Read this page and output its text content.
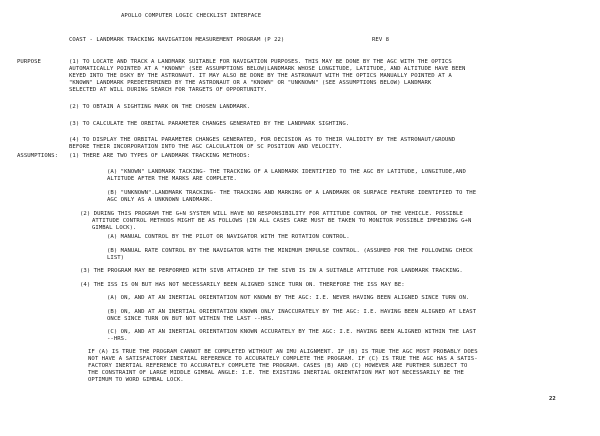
APOLLO COMPUTER LOGIC CHECKLIST INTERFACE
COAST - LANDMARK TRACKING NAVIGATION MEASUREMENT PROGRAM (P 22)	REV 8
PURPOSE	(1) TO LOCATE AND TRACK A LANDMARK SUITABLE FOR NAVIGATION PURPOSES. THIS MAY BE DONE BY THE AGC WITH THE OPTICS
AUTOMATICALLY POINTED AT A "KNOWN" (SEE ASSUMPTIONS BELOW)LANDMARK WHOSE LONGITUDE, LATITUDE, AND ALTITUDE HAVE BEEN
KEYED INTO THE DSKY BY THE ASTRONAUT. IT MAY ALSO BE DONE BY THE ASTRONAUT WITH THE OPTICS MANUALLY POINTED AT A
"KNOWN" LANDMARK PREDETERMINED BY THE ASTRONAUT OR A "KNOWN" OR "UNKNOWN" (SEE ASSUMPTIONS BELOW) LANDMARK
SELECTED AT WILL DURING SEARCH FOR TARGETS OF OPPORTUNITY.
(2) TO OBTAIN A SIGHTING MARK ON THE CHOSEN LANDMARK.
(3) TO CALCULATE THE ORBITAL PARAMETER CHANGES GENERATED BY THE LANDMARK SIGHTING.
(4) TO DISPLAY THE ORBITAL PARAMETER CHANGES GENERATED, FOR DECISION AS TO THEIR VALIDITY BY THE ASTRONAUT/GROUND
BEFORE THEIR INCORPORATION INTO THE AGC CALCULATION OF SC POSITION AND VELOCITY.
ASSUMPTIONS: (1) THERE ARE TWO TYPES OF LANDMARK TRACKING METHODS:
(A) "KNOWN" LANDMARK TACKING- THE TRACKING OF A LANDMARK IDENTIFIED TO THE AGC BY LATITUDE, LONGITUDE,AND
ALTITUDE AFTER THE MARKS ARE COMPLETE.
(B) "UNKNOWN".LANDMARK TRACKING- THE TRACKING AND MARKING OF A LANDMARK OR SURFACE FEATURE IDENTIFIED TO THE
AGC ONLY AS A UNKNOWN LANDMARK.
(2) DURING THIS PROGRAM THE G+N SYSTEM WILL HAVE NO RESPONSIBILITY FOR ATTITUDE CONTROL OF THE VEHICLE. POSSIBLE
ATTITUDE CONTROL METHODS MIGHT BE AS FOLLOWS (IN ALL CASES CARE MUST BE TAKEN TO MONITOR POSSIBLE IMPENDING G+N
GIMBAL LOCK).
(A) MANUAL CONTROL BY THE PILOT OR NAVIGATOR WITH THE ROTATION CONTROL.
(B) MANUAL RATE CONTROL BY THE NAVIGATOR WITH THE MINIMUM IMPULSE CONTROL. (ASSUMED FOR THE FOLLOWING CHECK
LIST)
(3) THE PROGRAM MAY BE PERFORMED WITH SIVB ATTACHED IF THE SIVB IS IN A SUITABLE ATTITUDE FOR LANDMARK TRACKING.
(4) THE ISS IS ON BUT HAS NOT NECESSARILY BEEN ALIGNED SINCE TURN ON. THEREFORE THE ISS MAY BE:
(A) ON, AND AT AN INERTIAL ORIENTATION NOT KNOWN BY THE AGC: I.E. NEVER HAVING BEEN ALIGNED SINCE TURN ON.
(B) ON, AND AT AN INERTIAL ORIENTATION KNOWN ONLY INACCURATELY BY THE AGC: I.E. HAVING BEEN ALIGNED AT LEAST
ONCE SINCE TURN ON BUT NOT WITHIN THE LAST --HRS.
(C) ON, AND AT AN INERTIAL ORIENTATION KNOWN ACCURATELY BY THE AGC: I.E. HAVING BEEN ALIGNED WITHIN THE LAST
--HRS.
IF (A) IS TRUE THE PROGRAM CANNOT BE COMPLETED WITHOUT AN IMU ALIGNMENT. IF (B) IS TRUE THE AGC MOST PROBABLY DOES
NOT HAVE A SATISFACTORY INERTIAL REFERENCE TO ACCURATELY COMPLETE THE PROGRAM. IF (C) IS TRUE THE AGC HAS A SATIS-
FACTORY INERTIAL REFERENCE TO ACCURATELY COMPLETE THE PROGRAM. CASES (B) AND (C) HOWEVER ARE FURTHER SUBJECT TO
THE CONSTRAINT OF LARGE MIDDLE GIMBAL ANGLE: I.E. THE EXISTING INERTIAL ORIENTATION MAT NOT NECESSARILY BE THE
OPTIMUM TO WORD GIMBAL LOCK.
22
